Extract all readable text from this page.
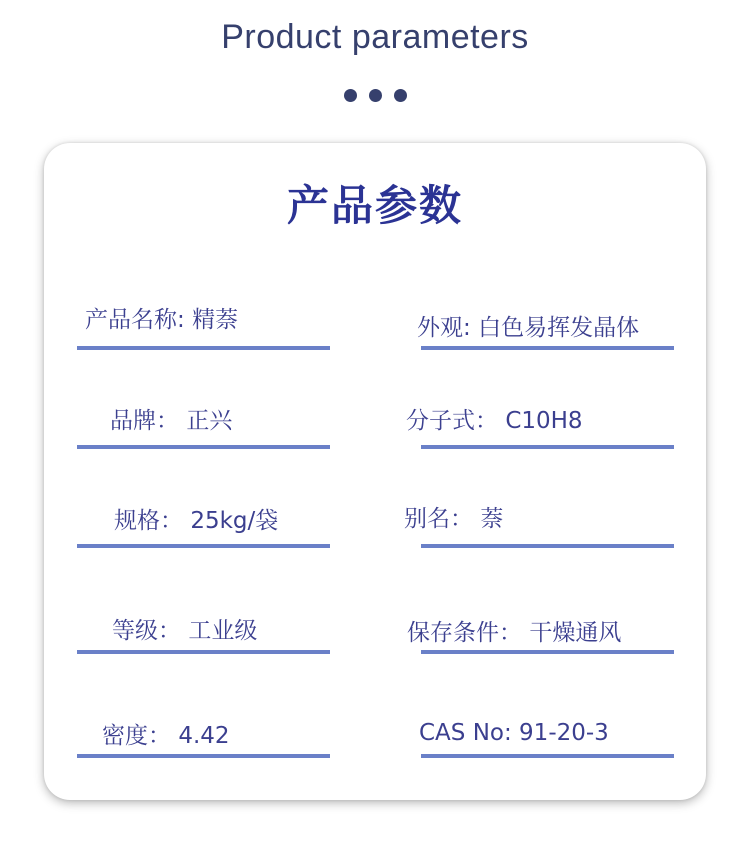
Product parameters
产品参数
产品名称: 精萘	外观: 白色易挥发晶体
品牌： 正兴	分子式： C10H8
规格： 25kg/袋	别名： 萘
等级： 工业级	保存条件： 干燥通风
密度： 4.42	CAS No: 91-20-3
